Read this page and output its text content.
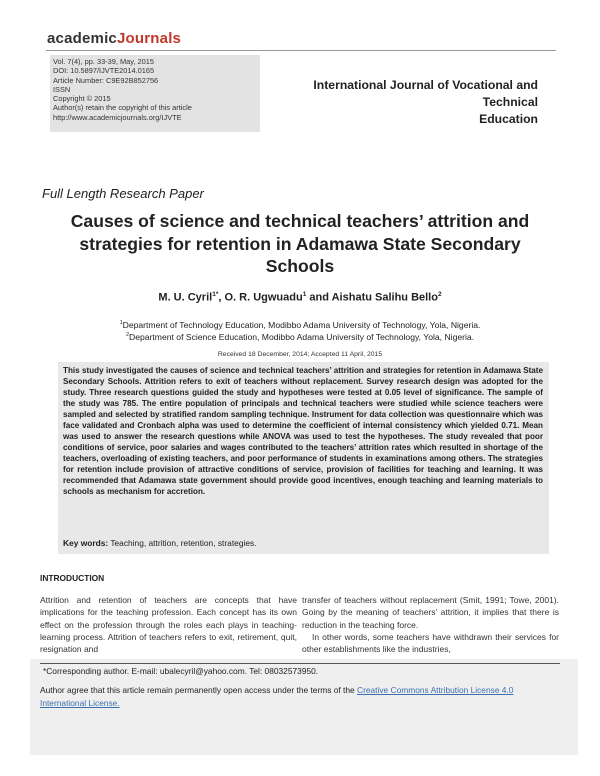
academicJournals
Vol. 7(4), pp. 33-39, May, 2015
DOI: 10.5897/IJVTE2014.0165
Article Number: C9E92B852756
ISSN
Copyright © 2015
Author(s) retain the copyright of this article
http://www.academicjournals.org/IJVTE
International Journal of Vocational and Technical
Education
Full Length Research Paper
Causes of science and technical teachers’ attrition and
strategies for retention in Adamawa State Secondary
Schools
M. U. Cyril$^{1*}$, O. R. Ugwuadu$^1$ and Aishatu Salihu Bello$^2$
$^1$Department of Technology Education, Modibbo Adama University of Technology, Yola, Nigeria.
$^2$Department of Science Education, Modibbo Adama University of Technology, Yola, Nigeria.
Received 18 December, 2014; Accepted 11 April, 2015
This study investigated the causes of science and technical teachers’ attrition and strategies for retention in Adamawa State Secondary Schools. Attrition refers to exit of teachers without replacement. Survey research design was adopted for the study. Three research questions guided the study and hypotheses were tested at 0.05 level of significance. The sample of the study was 785. The entire population of principals and technical teachers were studied while science teachers were sampled and selected by stratified random sampling technique. Instrument for data collection was questionnaire which was face validated and Cronbach alpha was used to determine the coefficient of internal consistency which yielded 0.71. Mean was used to answer the research questions while ANOVA was used to test the hypotheses. The study revealed that poor conditions of service, poor salaries and wages contributed to the teachers’ attrition rates which resulted in shortage of the teachers, overloading of existing teachers, and poor performance of students in examinations among others. The strategies for retention include provision of attractive conditions of service, provision of facilities for teaching and learning. It was recommended that Adamawa state government should provide good incentives, enough teaching and learning materials to schools as mechanism for accretion.
Key words: Teaching, attrition, retention, strategies.
INTRODUCTION

Attrition and retention of teachers are concepts that have implications for the teaching profession. Each concept has its own effect on the profession through the roles each plays in teaching-learning process. Attrition of teachers refers to exit, retirement, quit, resignation and

transfer of teachers without replacement (Smit, 1991; Towe, 2001). Going by the meaning of teachers’ attrition, it implies that there is reduction in the teaching force.

In other words, some teachers have withdrawn their services for other establishments like the industries,

*Corresponding author. E-mail: ubalecyril@yahoo.com. Tel: 08032573950.
Author agree that this article remain permanently open access under the terms of the Creative Commons Attribution License 4.0 International License.
